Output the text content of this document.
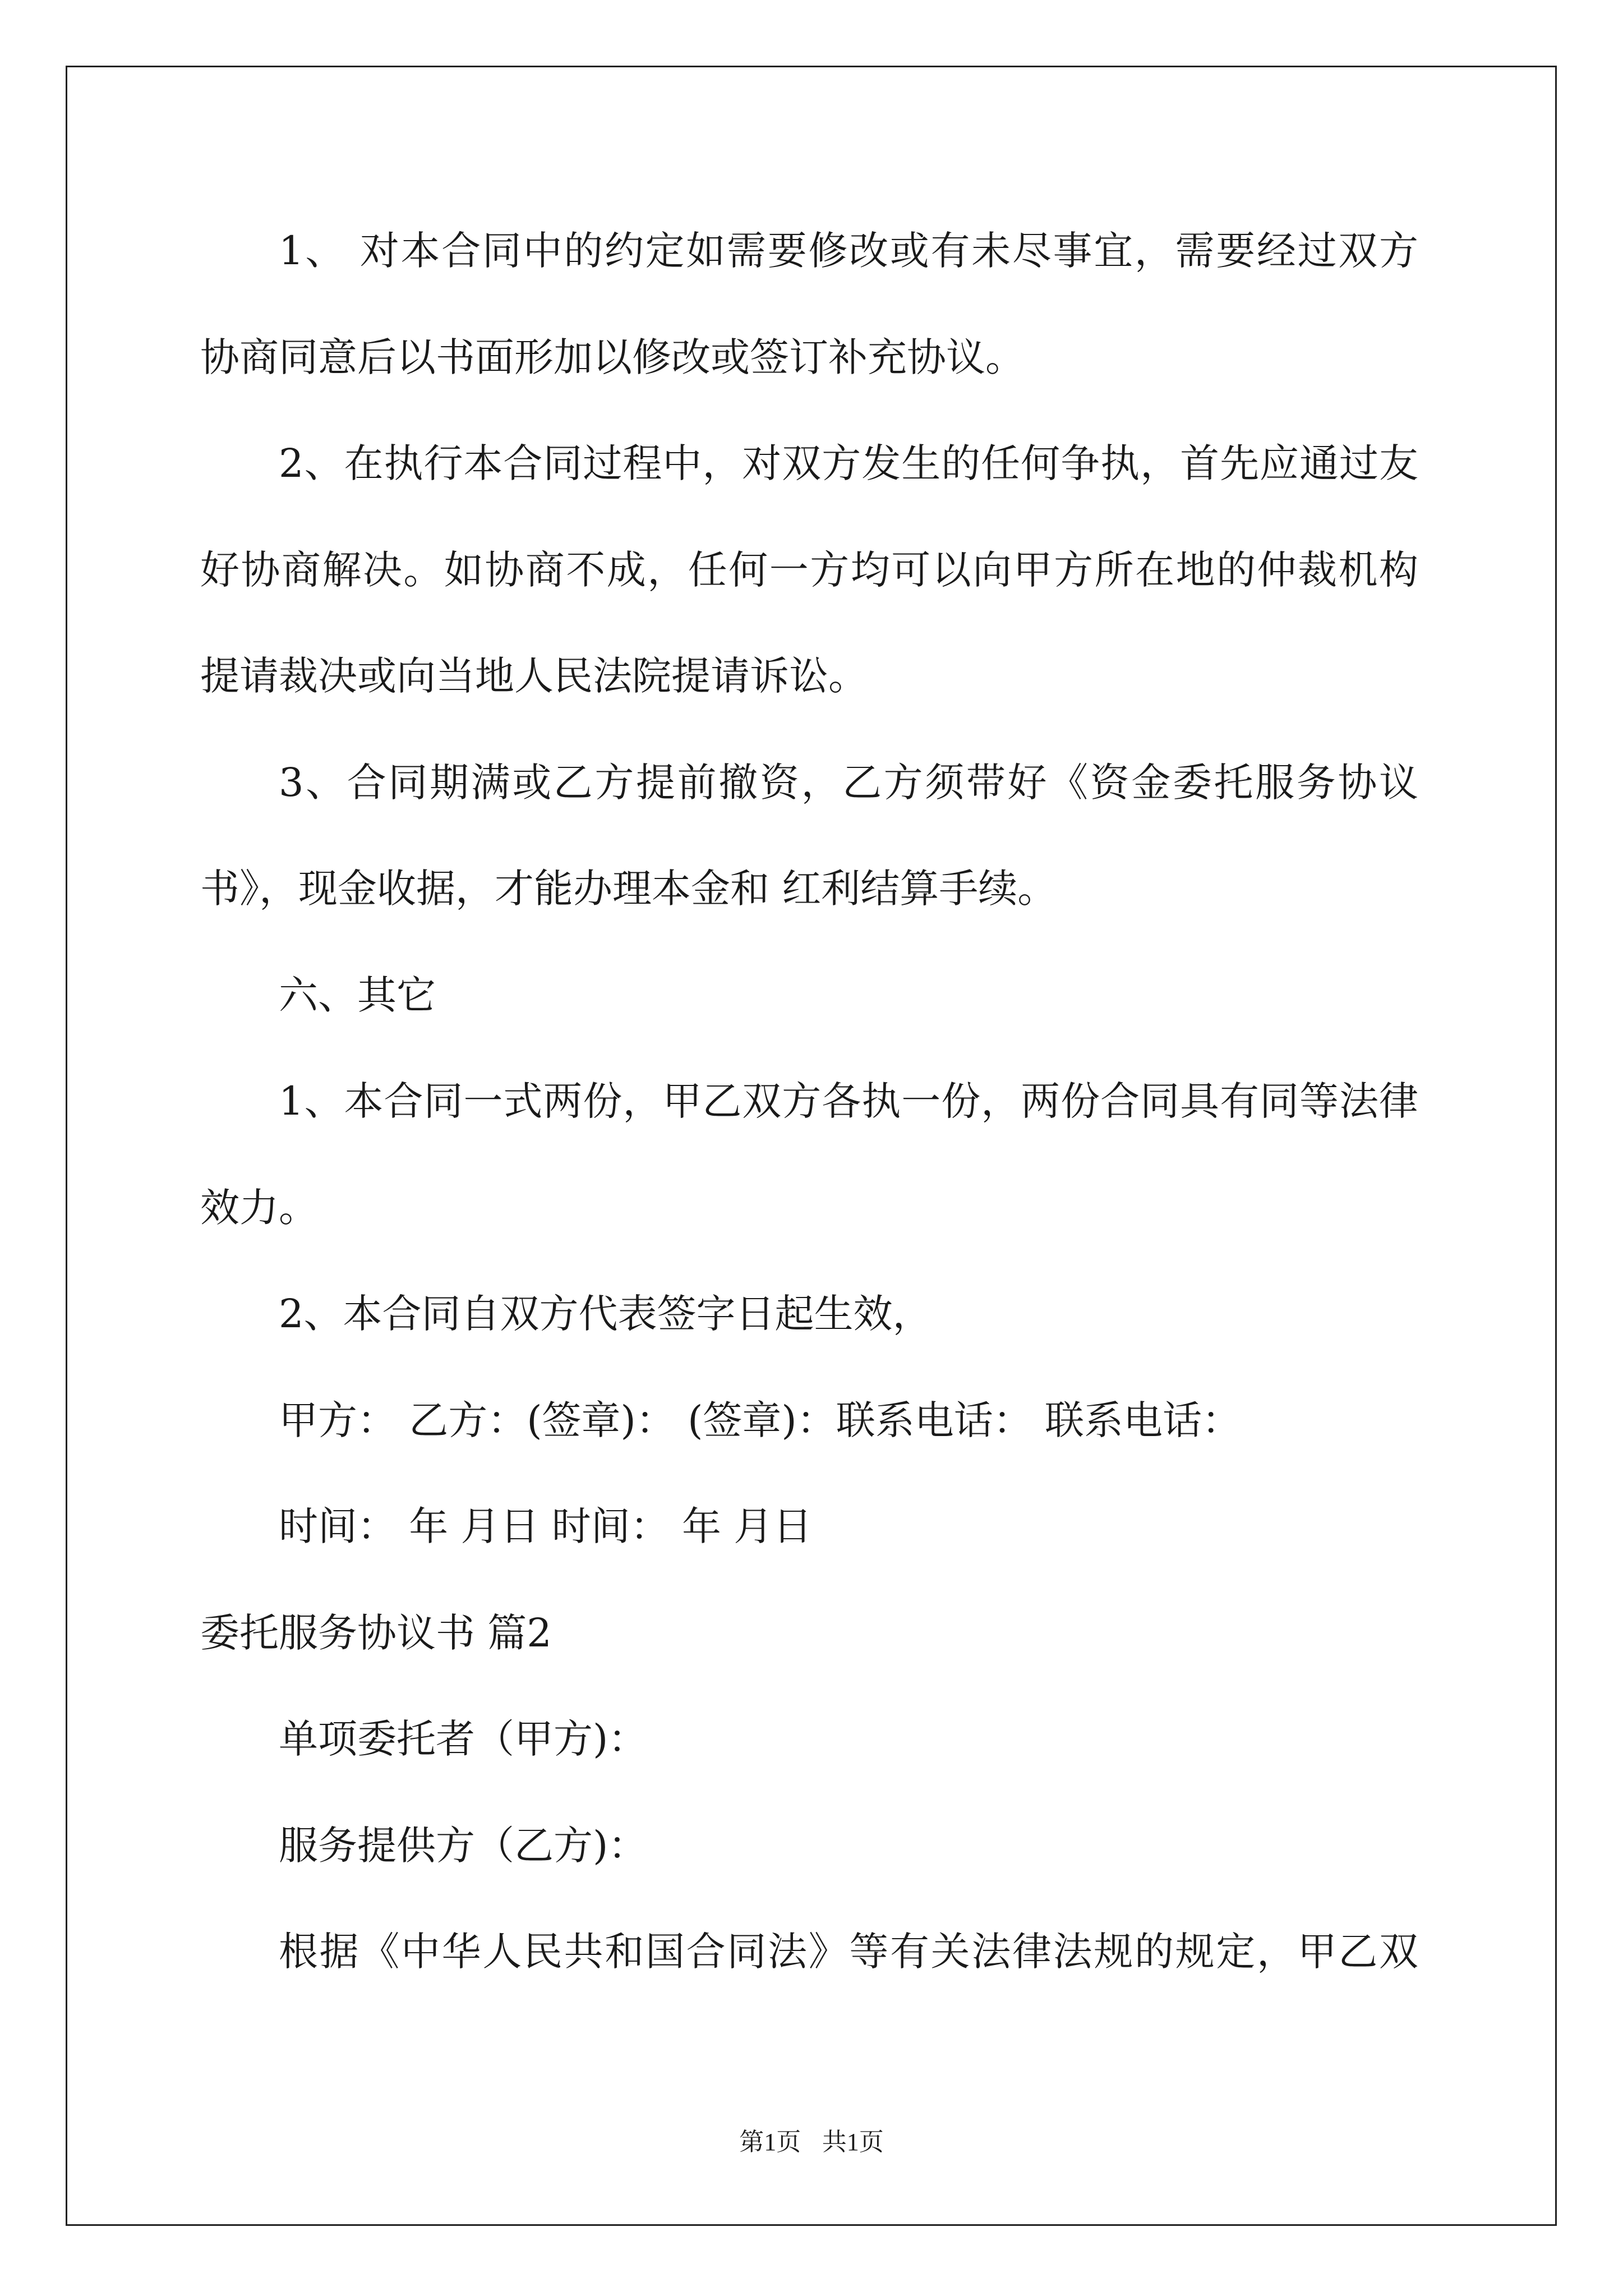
1、 对本合同中的约定如需要修改或有未尽事宜，需要经过双方
协商同意后以书面形加以修改或签订补充协议。
2、在执行本合同过程中，对双方发生的任何争执，首先应通过友
好协商解决。如协商不成，任何一方均可以向甲方所在地的仲裁机构
提请裁决或向当地人民法院提请诉讼。
3、合同期满或乙方提前撤资，乙方须带好《资金委托服务协议
书》，现金收据，才能办理本金和 红利结算手续。
六、其它
1、本合同一式两份，甲乙双方各执一份，两份合同具有同等法律
效力。
2、本合同自双方代表签字日起生效，
甲方： 乙方：(签章)： (签章)：联系电话： 联系电话：
时间： 年 月日 时间： 年 月日
委托服务协议书 篇2
单项委托者（甲方)：
服务提供方（乙方)：
根据《中华人民共和国合同法》等有关法律法规的规定，甲乙双
第1页 共1页
